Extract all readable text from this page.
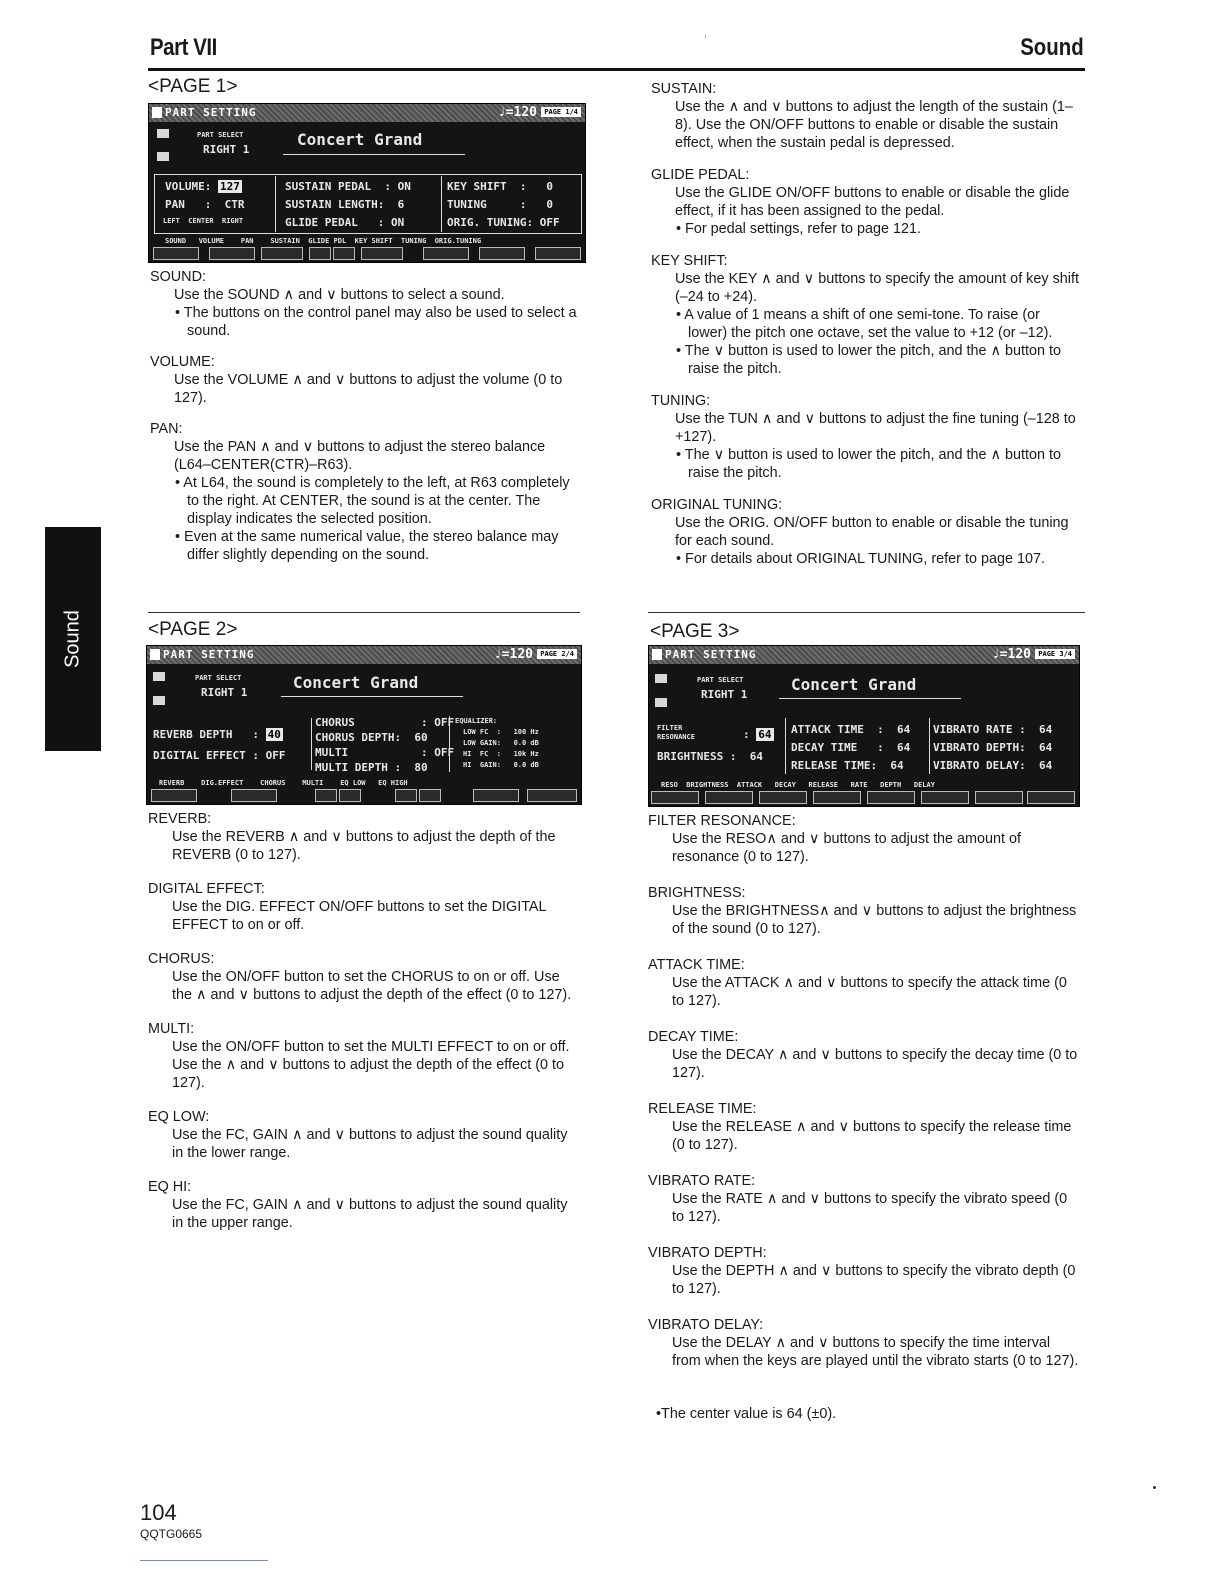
Part VII	Sound
Sound
<PAGE 1>
PART SETTING	♩=120	PAGE 1/4
PART SELECT
RIGHT 1
Concert Grand
VOLUME: 127
PAN   :  CTR
LEFT  CENTER  RIGHT
SUSTAIN PEDAL  : ON
SUSTAIN LENGTH:  6
GLIDE PEDAL   : ON
KEY SHIFT  :   0
TUNING     :   0
ORIG. TUNING: OFF
SOUND   VOLUME    PAN    SUSTAIN  GLIDE PDL  KEY SHIFT  TUNING  ORIG.TUNING
SOUND:
Use the SOUND ∧ and ∨ buttons to select a sound.
• The buttons on the control panel may also be used to select a sound.
VOLUME:
Use the VOLUME ∧ and ∨ buttons to adjust the volume (0 to 127).
PAN:
Use the PAN ∧ and ∨ buttons to adjust the stereo balance (L64–CENTER(CTR)–R63).
• At L64, the sound is completely to the left, at R63 completely to the right. At CENTER, the sound is at the center. The display indicates the selected position.
• Even at the same numerical value, the stereo balance may differ slightly depending on the sound.
SUSTAIN:
Use the ∧ and ∨ buttons to adjust the length of the sustain (1–8). Use the ON/OFF buttons to enable or disable the sustain effect, when the sustain pedal is depressed.
GLIDE PEDAL:
Use the GLIDE ON/OFF buttons to enable or disable the glide effect, if it has been assigned to the pedal.
• For pedal settings, refer to page 121.
KEY SHIFT:
Use the KEY ∧ and ∨ buttons to specify the amount of key shift (–24 to +24).
• A value of 1 means a shift of one semi-tone. To raise (or lower) the pitch one octave, set the value to +12 (or –12).
• The ∨ button is used to lower the pitch, and the ∧ button to raise the pitch.
TUNING:
Use the TUN ∧ and ∨ buttons to adjust the fine tuning (–128 to +127).
• The ∨ button is used to lower the pitch, and the ∧ button to raise the pitch.
ORIGINAL TUNING:
Use the ORIG. ON/OFF button to enable or disable the tuning for each sound.
• For details about ORIGINAL TUNING, refer to page 107.
<PAGE 2>
PART SETTING	♩=120	PAGE 2/4
PART SELECT
RIGHT 1
Concert Grand
REVERB DEPTH   : 40
DIGITAL EFFECT : OFF
CHORUS          : OFF
CHORUS DEPTH:  60
MULTI           : OFF
MULTI DEPTH :  80
EQUALIZER:
LOW FC  :   100 Hz
LOW GAIN:   0.0 dB
HI  FC  :   10k Hz
HI  GAIN:   0.0 dB
REVERB    DIG.EFFECT    CHORUS    MULTI    EQ LOW   EQ HIGH
REVERB:
Use the REVERB ∧ and ∨ buttons to adjust the depth of the REVERB (0 to 127).
DIGITAL EFFECT:
Use the DIG. EFFECT ON/OFF buttons to set the DIGITAL EFFECT to on or off.
CHORUS:
Use the ON/OFF button to set the CHORUS to on or off. Use the ∧ and ∨ buttons to adjust the depth of the effect (0 to 127).
MULTI:
Use the ON/OFF button to set the MULTI EFFECT to on or off. Use the ∧ and ∨ buttons to adjust the depth of the effect (0 to 127).
EQ LOW:
Use the FC, GAIN ∧ and ∨ buttons to adjust the sound quality in the lower range.
EQ HI:
Use the FC, GAIN ∧ and ∨ buttons to adjust the sound quality in the upper range.
<PAGE 3>
PART SETTING	♩=120	PAGE 3/4
PART SELECT
RIGHT 1
Concert Grand
FILTER
RESONANCE	: 64
BRIGHTNESS :  64
ATTACK TIME  :  64
DECAY TIME   :  64
RELEASE TIME:  64
VIBRATO RATE :  64
VIBRATO DEPTH:  64
VIBRATO DELAY:  64
RESO  BRIGHTNESS  ATTACK   DECAY   RELEASE   RATE   DEPTH   DELAY
FILTER RESONANCE:
Use the RESO∧ and ∨ buttons to adjust the amount of resonance (0 to 127).
BRIGHTNESS:
Use the BRIGHTNESS∧ and ∨ buttons to adjust the brightness of the sound (0 to 127).
ATTACK TIME:
Use the ATTACK ∧ and ∨ buttons to specify the attack time (0 to 127).
DECAY TIME:
Use the DECAY ∧ and ∨ buttons to specify the decay time (0 to 127).
RELEASE TIME:
Use the RELEASE ∧ and ∨ buttons to specify the release time (0 to 127).
VIBRATO RATE:
Use the RATE ∧ and ∨ buttons to specify the vibrato speed (0 to 127).
VIBRATO DEPTH:
Use the DEPTH ∧ and ∨ buttons to specify the vibrato depth (0 to 127).
VIBRATO DELAY:
Use the DELAY ∧ and ∨ buttons to specify the time interval from when the keys are played until the vibrato starts (0 to 127).
•The center value is 64 (±0).
104
QQTG0665
